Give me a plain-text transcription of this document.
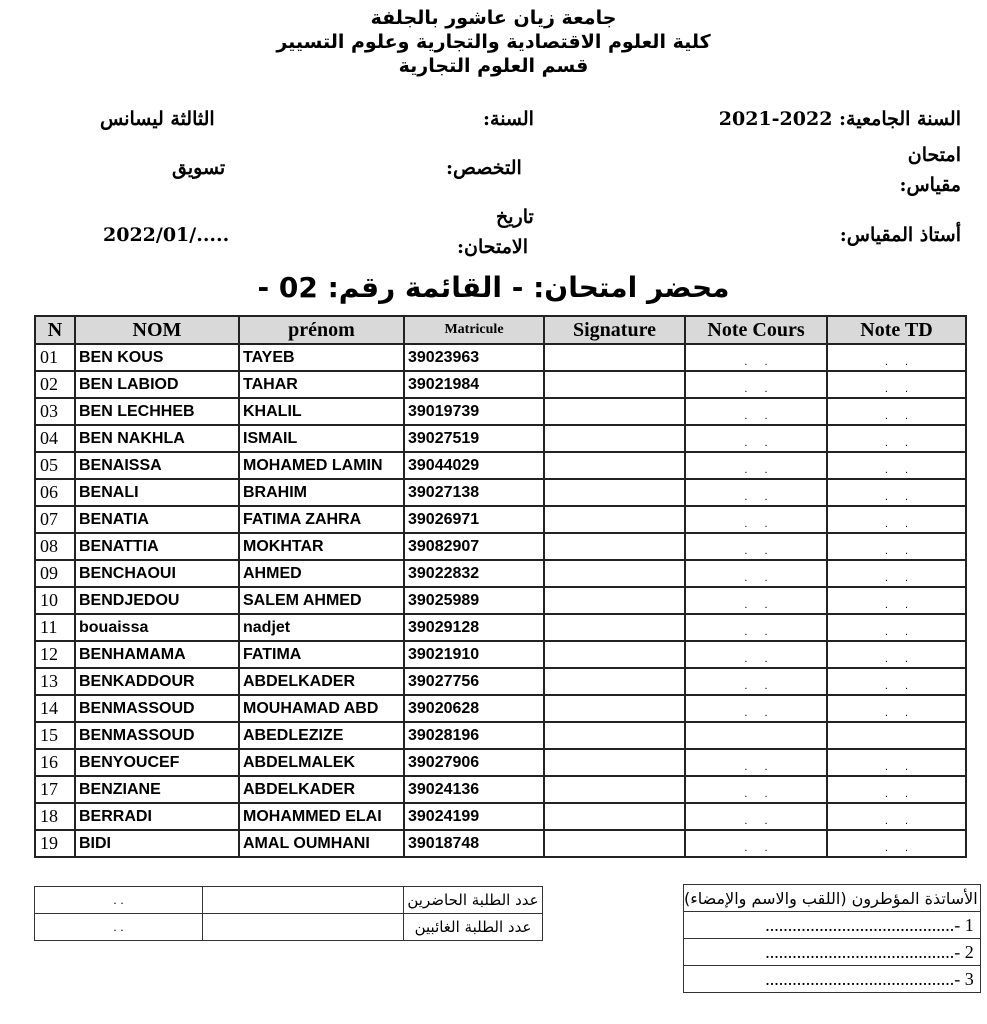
جامعة زيان عاشور بالجلفة
كلية العلوم الاقتصادية والتجارية وعلوم التسيير
قسم العلوم التجارية
السنة الجامعية: 2021-2022
السنة:
الثالثة ليسانس
امتحان
مقياس:
التخصص:
تسويق
أستاذ المقياس:
تاريخ
الامتحان:
2022/01/.....
محضر امتحان: - القائمة رقم: 02 -
N	NOM	prénom	Matricule	Signature	Note Cours	Note TD
01	BEN KOUS	TAYEB	39023963		. .	. .
02	BEN LABIOD	TAHAR	39021984		. .	. .
03	BEN LECHHEB	KHALIL	39019739		. .	. .
04	BEN NAKHLA	ISMAIL	39027519		. .	. .
05	BENAISSA	MOHAMED LAMIN	39044029		. .	. .
06	BENALI	BRAHIM	39027138		. .	. .
07	BENATIA	FATIMA ZAHRA	39026971		. .	. .
08	BENATTIA	MOKHTAR	39082907		. .	. .
09	BENCHAOUI	AHMED	39022832		. .	. .
10	BENDJEDOU	SALEM AHMED	39025989		. .	. .
11	bouaissa	nadjet	39029128		. .	. .
12	BENHAMAMA	FATIMA	39021910		. .	. .
13	BENKADDOUR	ABDELKADER	39027756		. .	. .
14	BENMASSOUD	MOUHAMAD ABD	39020628		. .	. .
15	BENMASSOUD	ABEDLEZIZE	39028196			
16	BENYOUCEF	ABDELMALEK	39027906		. .	. .
17	BENZIANE	ABDELKADER	39024136		. .	. .
18	BERRADI	MOHAMMED ELAI	39024199		. .	. .
19	BIDI	AMAL OUMHANI	39018748		. .	. .
. .		عدد الطلبة الحاضرين
. .		عدد الطلبة الغائبين
الأساتذة المؤطرون (اللقب والاسم والإمضاء)
..........................................- 1
..........................................- 2
..........................................- 3
